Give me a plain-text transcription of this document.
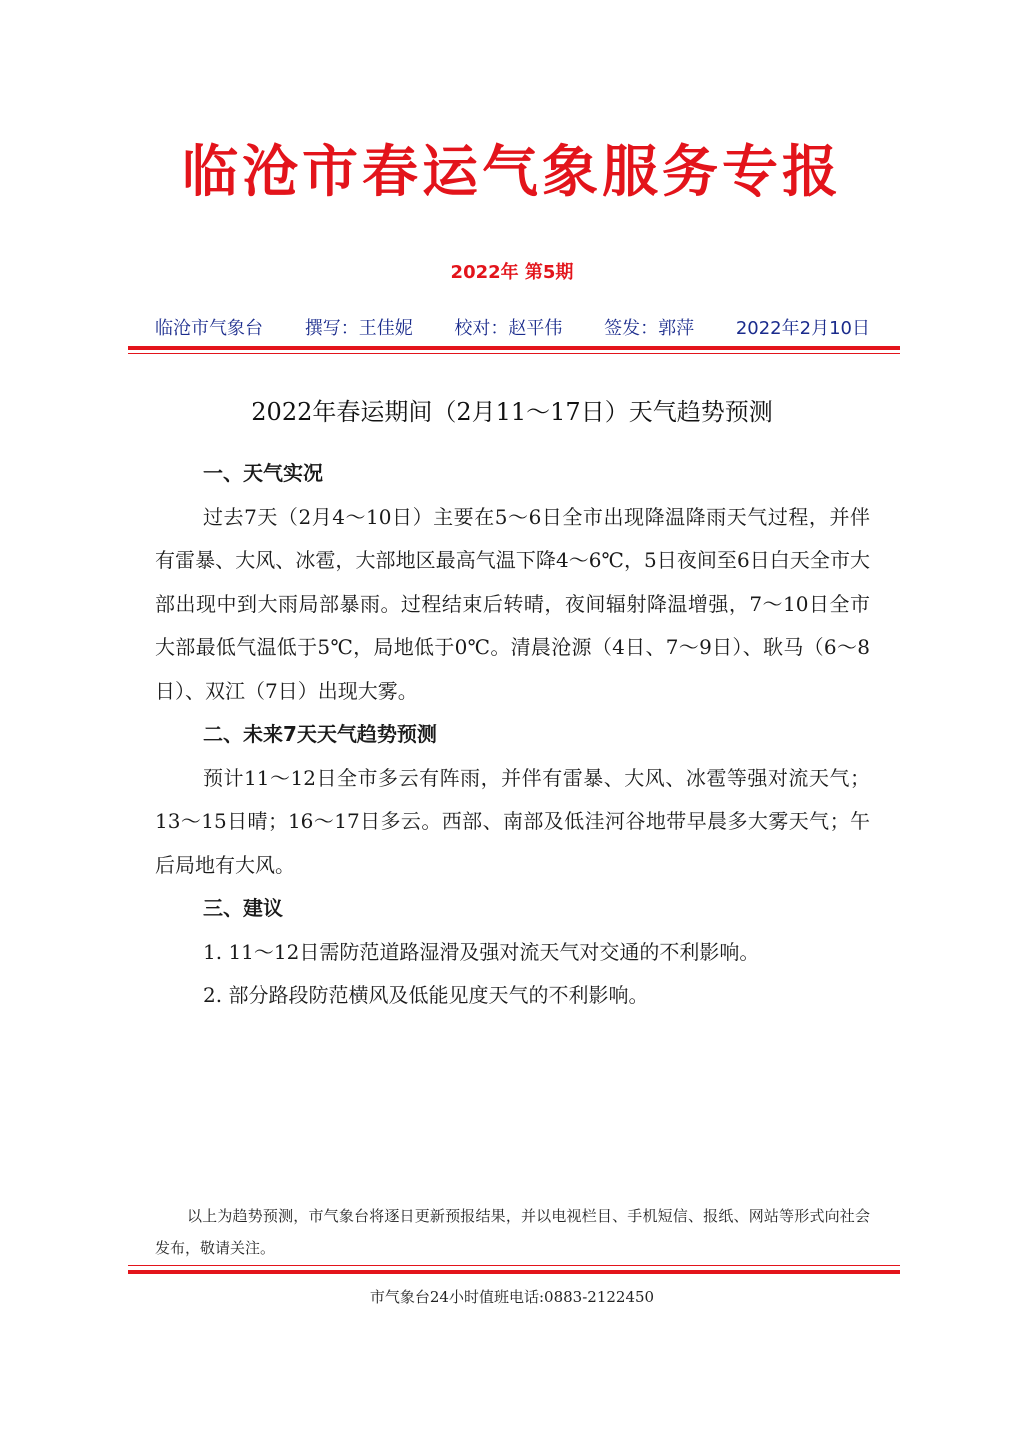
临沧市春运气象服务专报
2022年 第5期
临沧市气象台 撰写：王佳妮 校对：赵平伟 签发：郭萍 2022年2月10日
2022年春运期间（2月11～17日）天气趋势预测

一、天气实况

过去7天（2月4～10日）主要在5～6日全市出现降温降雨天气过程，并伴有雷暴、大风、冰雹，大部地区最高气温下降4～6℃，5日夜间至6日白天全市大部出现中到大雨局部暴雨。过程结束后转晴，夜间辐射降温增强，7～10日全市大部最低气温低于5℃，局地低于0℃。清晨沧源（4日、7～9日）、耿马（6～8日）、双江（7日）出现大雾。

二、未来7天天气趋势预测

预计11～12日全市多云有阵雨，并伴有雷暴、大风、冰雹等强对流天气；13～15日晴；16～17日多云。西部、南部及低洼河谷地带早晨多大雾天气；午后局地有大风。

三、建议

1. 11～12日需防范道路湿滑及强对流天气对交通的不利影响。

2. 部分路段防范横风及低能见度天气的不利影响。

以上为趋势预测，市气象台将逐日更新预报结果，并以电视栏目、手机短信、报纸、网站等形式向社会发布，敬请关注。
市气象台24小时值班电话:0883-2122450
